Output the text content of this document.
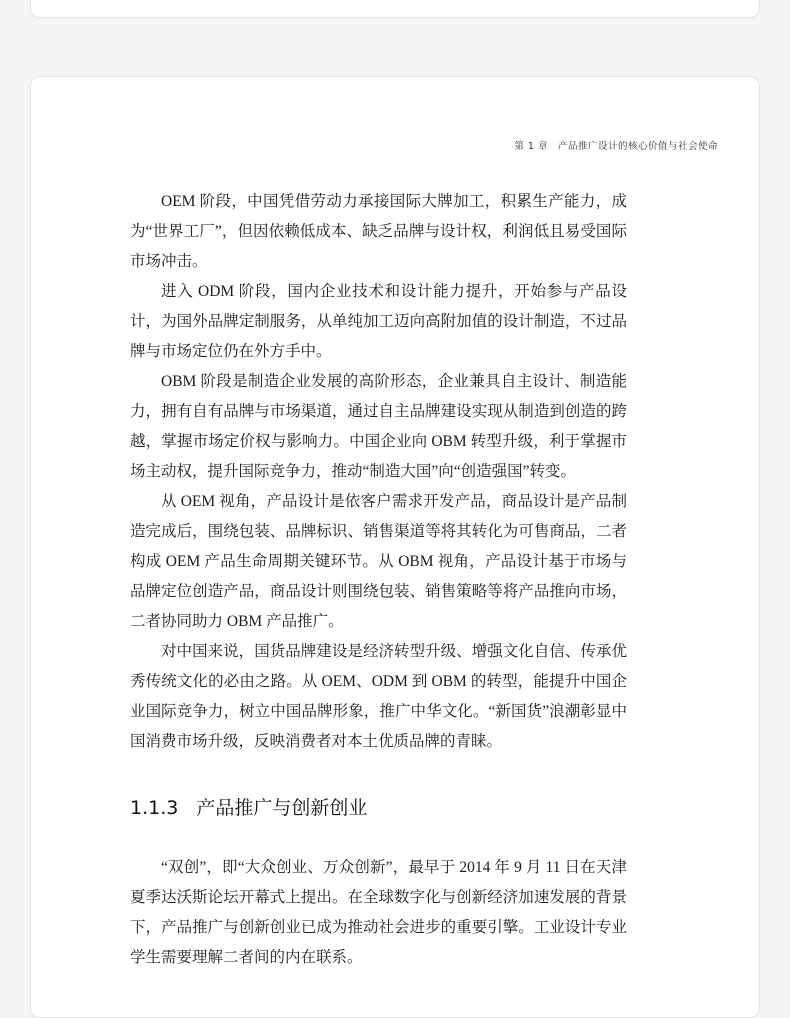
第 1 章　产品推广设计的核心价值与社会使命

OEM 阶段，中国凭借劳动力承接国际大牌加工，积累生产能力，成为“世界工厂”，但因依赖低成本、缺乏品牌与设计权，利润低且易受国际市场冲击。

进入 ODM 阶段，国内企业技术和设计能力提升，开始参与产品设计，为国外品牌定制服务，从单纯加工迈向高附加值的设计制造，不过品牌与市场定位仍在外方手中。

OBM 阶段是制造企业发展的高阶形态，企业兼具自主设计、制造能力，拥有自有品牌与市场渠道，通过自主品牌建设实现从制造到创造的跨越，掌握市场定价权与影响力。中国企业向 OBM 转型升级，利于掌握市场主动权，提升国际竞争力，推动“制造大国”向“创造强国”转变。

从 OEM 视角，产品设计是依客户需求开发产品，商品设计是产品制造完成后，围绕包装、品牌标识、销售渠道等将其转化为可售商品，二者构成 OEM 产品生命周期关键环节。从 OBM 视角，产品设计基于市场与品牌定位创造产品，商品设计则围绕包装、销售策略等将产品推向市场，二者协同助力 OBM 产品推广。

对中国来说，国货品牌建设是经济转型升级、增强文化自信、传承优秀传统文化的必由之路。从 OEM、ODM 到 OBM 的转型，能提升中国企业国际竞争力，树立中国品牌形象，推广中华文化。“新国货”浪潮彰显中国消费市场升级，反映消费者对本土优质品牌的青睐。

1.1.3 产品推广与创新创业

“双创”，即“大众创业、万众创新”，最早于 2014 年 9 月 11 日在天津夏季达沃斯论坛开幕式上提出。在全球数字化与创新经济加速发展的背景下，产品推广与创新创业已成为推动社会进步的重要引擎。工业设计专业学生需要理解二者间的内在联系。
